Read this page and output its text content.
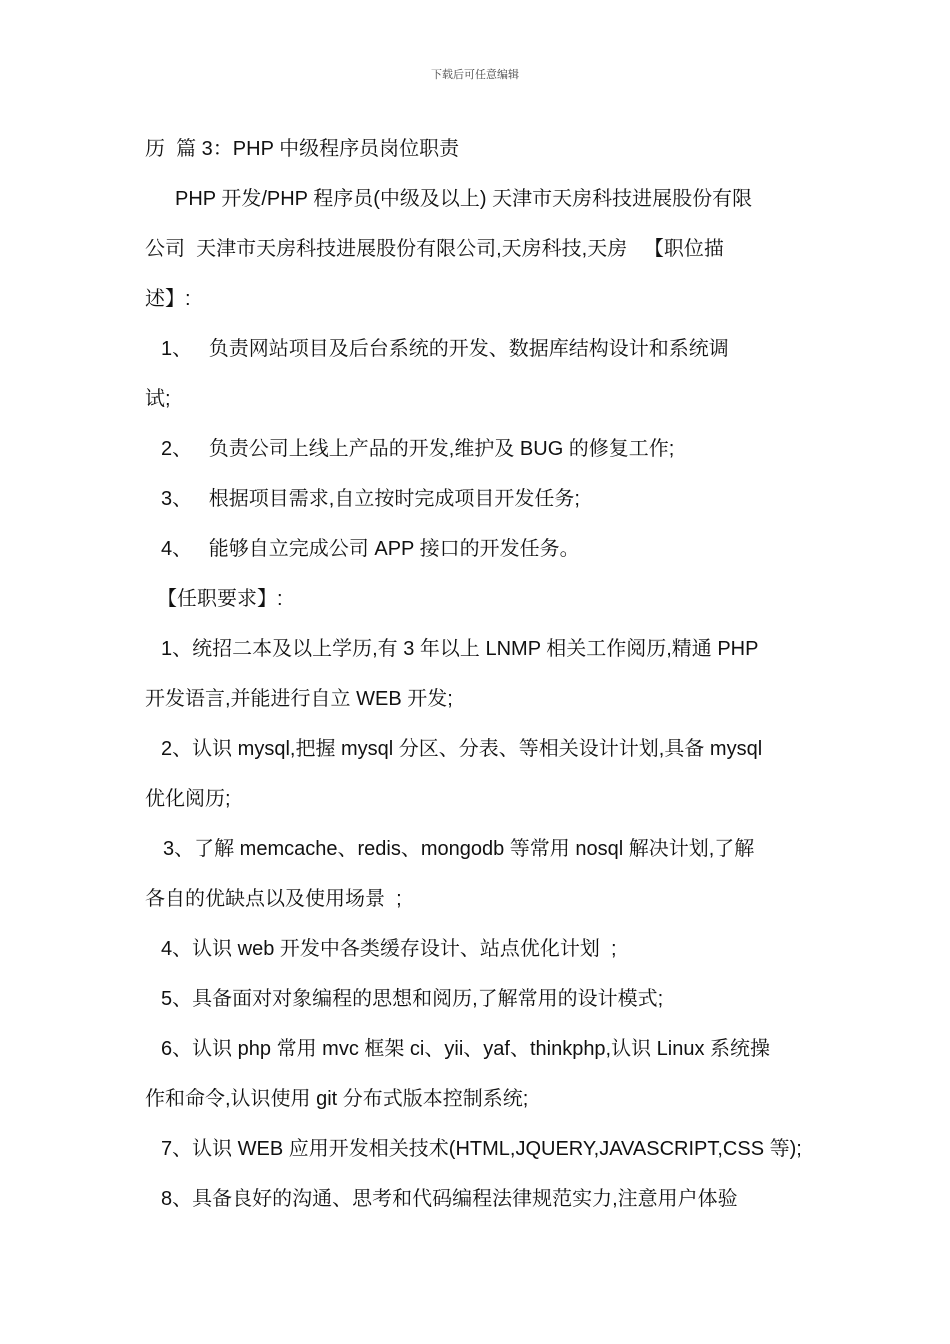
下载后可任意编辑
历  篇 3：PHP 中级程序员岗位职责
PHP 开发/PHP 程序员(中级及以上) 天津市天房科技进展股份有限
公司  天津市天房科技进展股份有限公司,天房科技,天房   【职位描
述】:
1、   负责网站项目及后台系统的开发、数据库结构设计和系统调
试;
2、   负责公司上线上产品的开发,维护及 BUG 的修复工作;
3、   根据项目需求,自立按时完成项目开发任务;
4、   能够自立完成公司 APP 接口的开发任务。
【任职要求】:
1、统招二本及以上学历,有 3 年以上 LNMP 相关工作阅历,精通 PHP
开发语言,并能进行自立 WEB 开发;
2、认识 mysql,把握 mysql 分区、分表、等相关设计计划,具备 mysql
优化阅历;
3、了解 memcache、redis、mongodb 等常用 nosql 解决计划,了解
各自的优缺点以及使用场景  ;
4、认识 web 开发中各类缓存设计、站点优化计划  ;
5、具备面对对象编程的思想和阅历,了解常用的设计模式;
6、认识 php 常用 mvc 框架 ci、yii、yaf、thinkphp,认识 Linux 系统操
作和命令,认识使用 git 分布式版本控制系统;
7、认识 WEB 应用开发相关技术(HTML,JQUERY,JAVASCRIPT,CSS 等);
8、具备良好的沟通、思考和代码编程法律规范实力,注意用户体验
